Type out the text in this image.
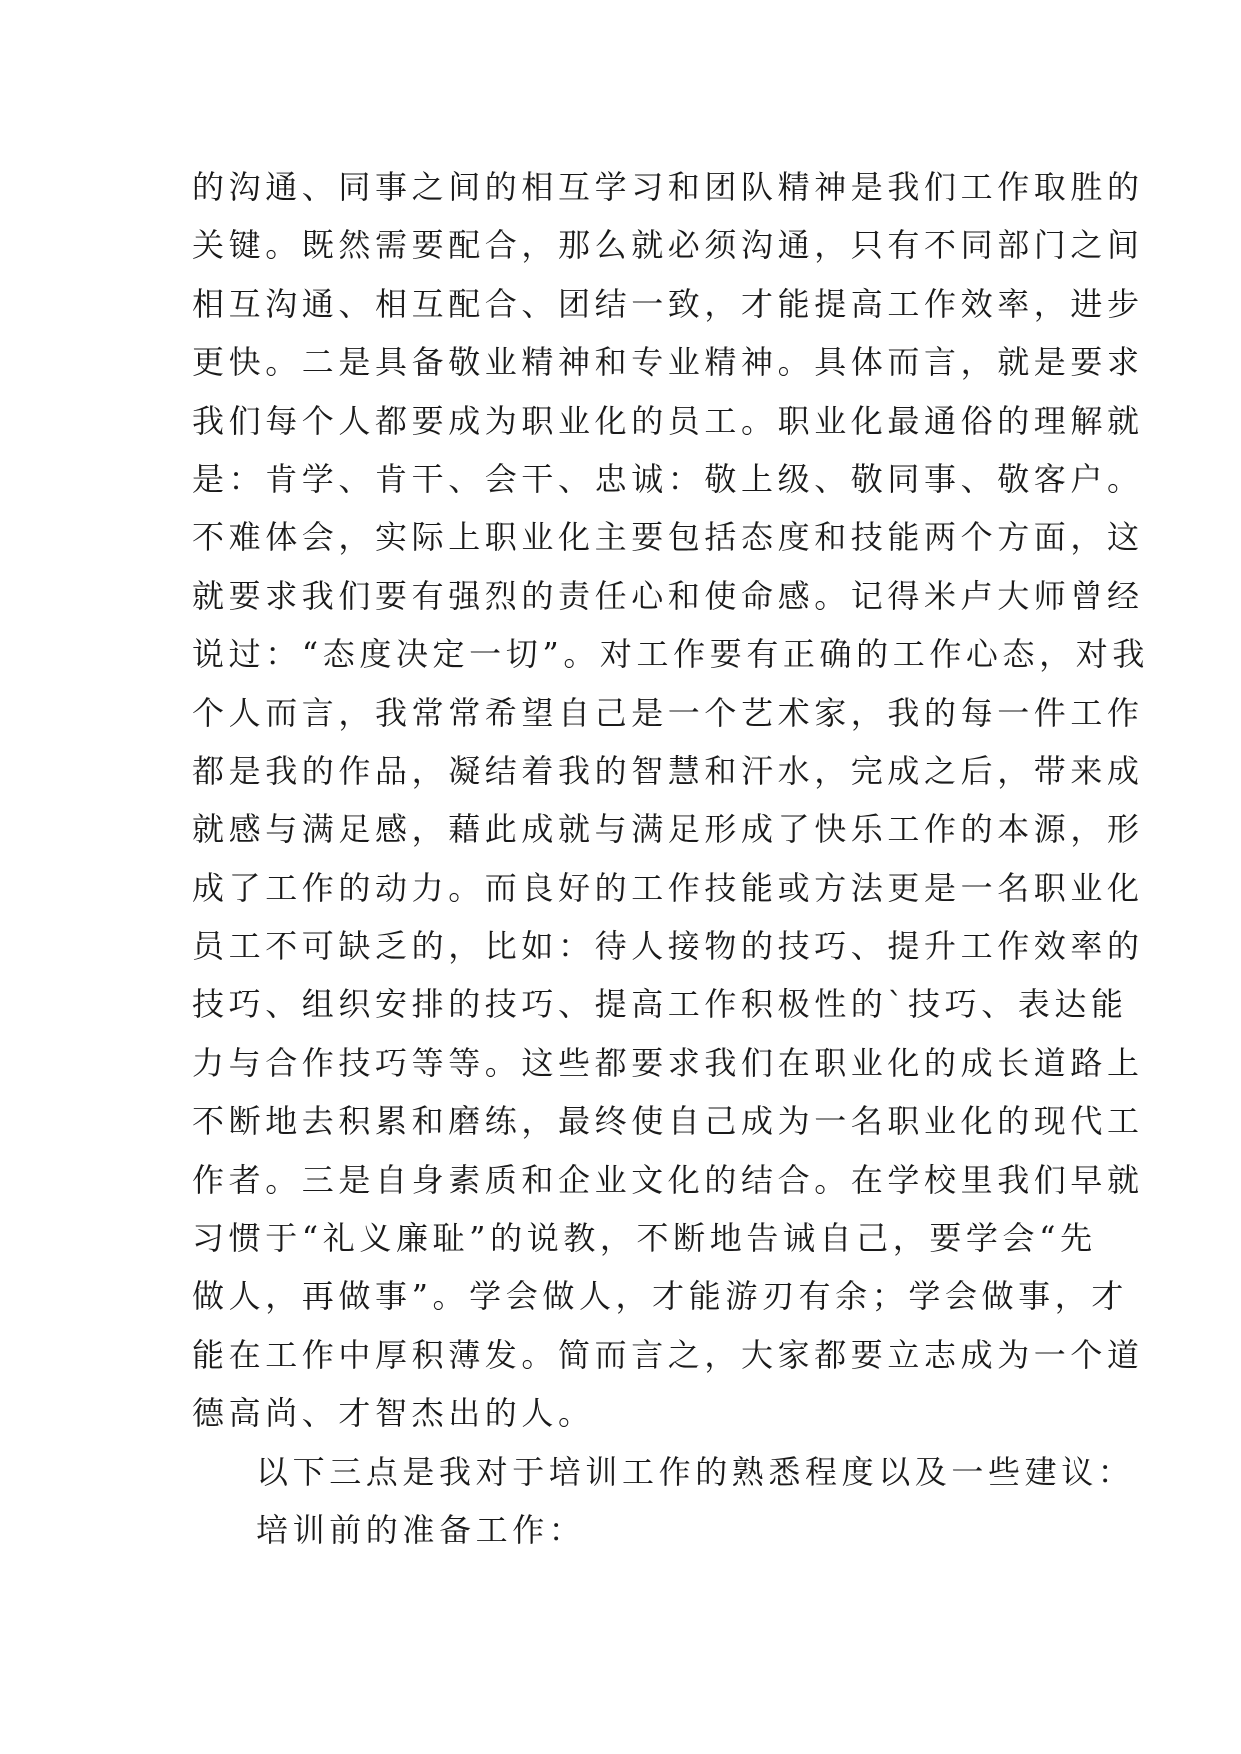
的沟通、同事之间的相互学习和团队精神是我们工作取胜的
关键。既然需要配合，那么就必须沟通，只有不同部门之间
相互沟通、相互配合、团结一致，才能提高工作效率，进步
更快。二是具备敬业精神和专业精神。具体而言，就是要求
我们每个人都要成为职业化的员工。职业化最通俗的理解就
是：肯学、肯干、会干、忠诚：敬上级、敬同事、敬客户。
不难体会，实际上职业化主要包括态度和技能两个方面，这
就要求我们要有强烈的责任心和使命感。记得米卢大师曾经
说过：“态度决定一切”。对工作要有正确的工作心态，对我
个人而言，我常常希望自己是一个艺术家，我的每一件工作
都是我的作品，凝结着我的智慧和汗水，完成之后，带来成
就感与满足感，藉此成就与满足形成了快乐工作的本源，形
成了工作的动力。而良好的工作技能或方法更是一名职业化
员工不可缺乏的，比如：待人接物的技巧、提升工作效率的
技巧、组织安排的技巧、提高工作积极性的`技巧、表达能
力与合作技巧等等。这些都要求我们在职业化的成长道路上
不断地去积累和磨练，最终使自己成为一名职业化的现代工
作者。三是自身素质和企业文化的结合。在学校里我们早就
习惯于“礼义廉耻”的说教，不断地告诫自己，要学会“先
做人，再做事”。学会做人，才能游刃有余；学会做事，才
能在工作中厚积薄发。简而言之，大家都要立志成为一个道
德高尚、才智杰出的人。
以下三点是我对于培训工作的熟悉程度以及一些建议：
培训前的准备工作：
